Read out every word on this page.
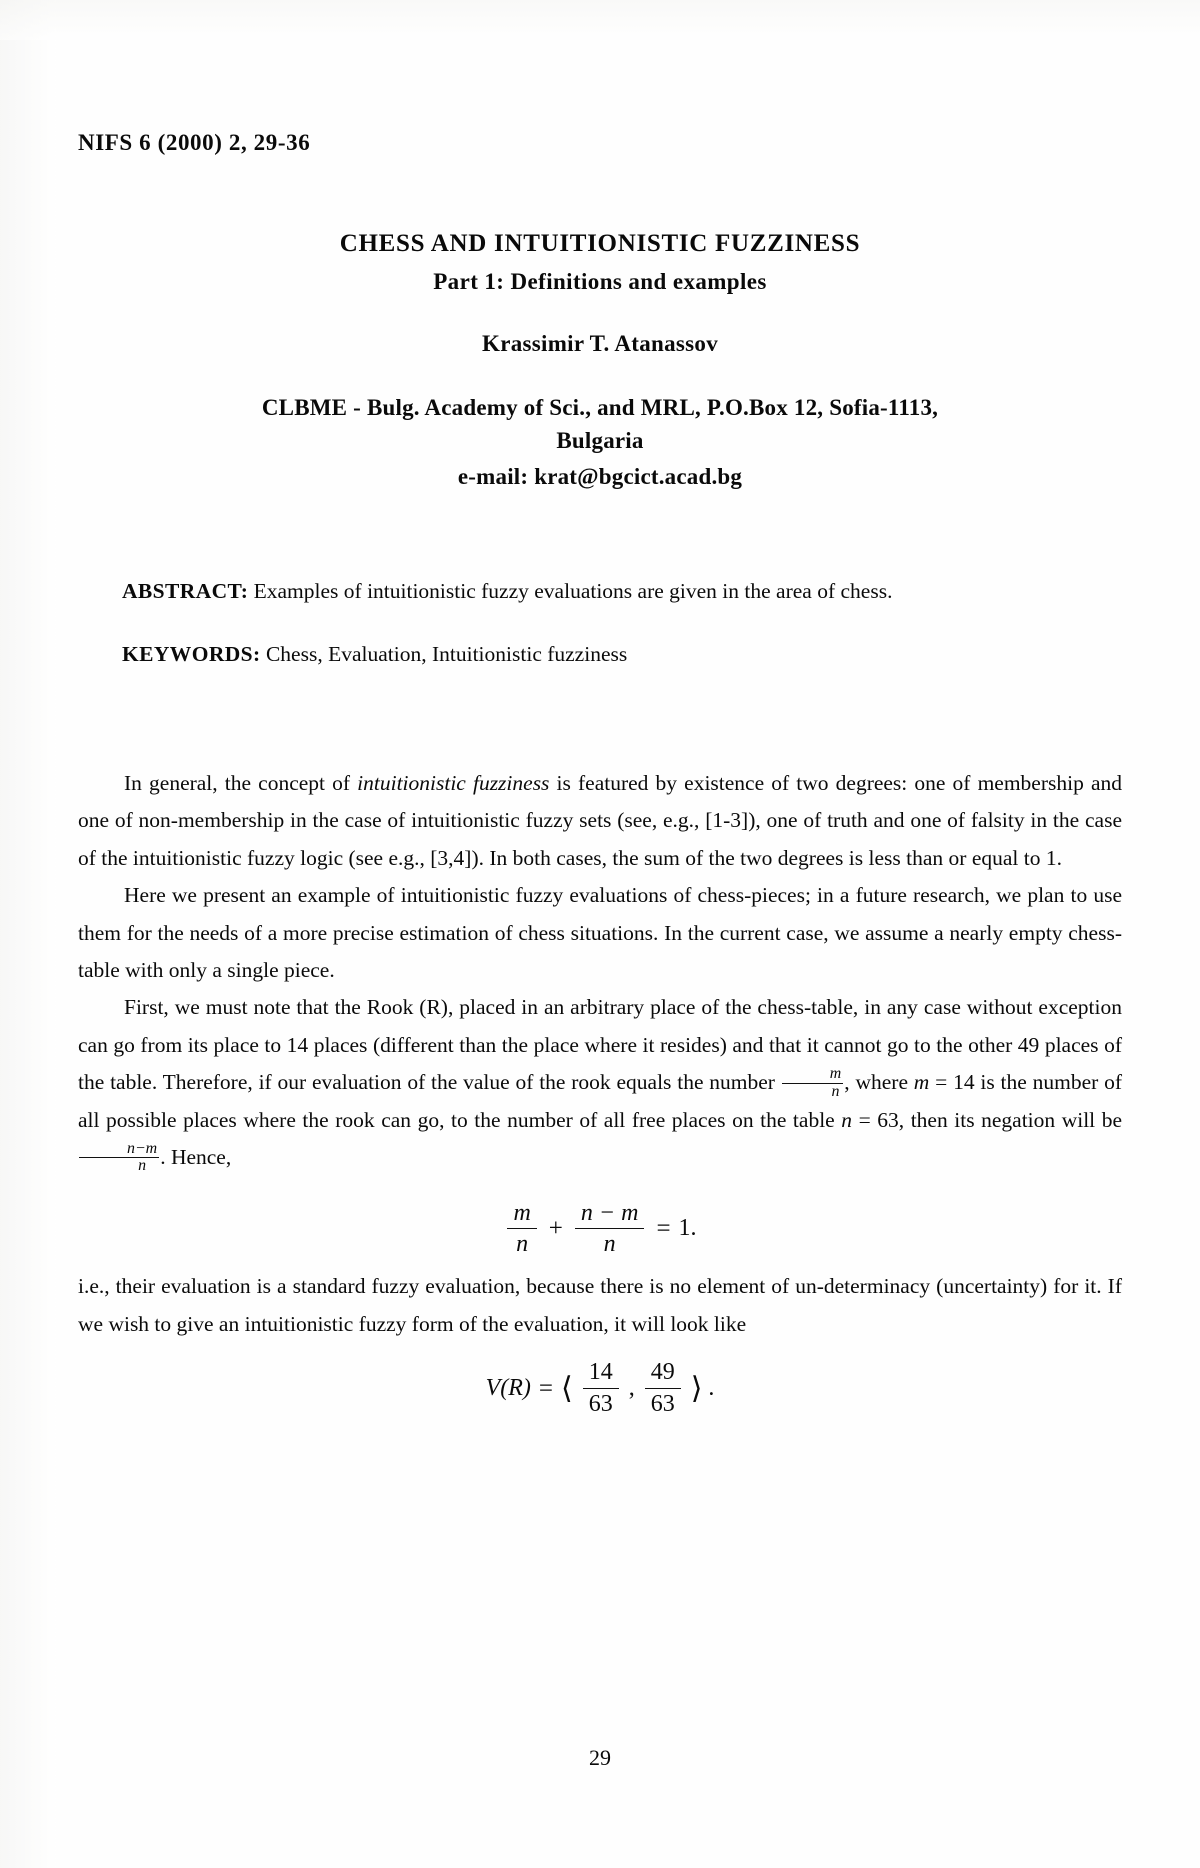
NIFS 6 (2000) 2, 29-36
CHESS AND INTUITIONISTIC FUZZINESS
Part 1: Definitions and examples
Krassimir T. Atanassov
CLBME - Bulg. Academy of Sci., and MRL, P.O.Box 12, Sofia-1113,
Bulgaria
e-mail: krat@bgcict.acad.bg
ABSTRACT: Examples of intuitionistic fuzzy evaluations are given in the area of chess.
KEYWORDS: Chess, Evaluation, Intuitionistic fuzziness

In general, the concept of intuitionistic fuzziness is featured by existence of two degrees: one of membership and one of non-membership in the case of intuitionistic fuzzy sets (see, e.g., [1-3]), one of truth and one of falsity in the case of the intuitionistic fuzzy logic (see e.g., [3,4]). In both cases, the sum of the two degrees is less than or equal to 1.

Here we present an example of intuitionistic fuzzy evaluations of chess-pieces; in a future research, we plan to use them for the needs of a more precise estimation of chess situations. In the current case, we assume a nearly empty chess-table with only a single piece.

First, we must note that the Rook (R), placed in an arbitrary place of the chess-table, in any case without exception can go from its place to 14 places (different than the place where it resides) and that it cannot go to the other 49 places of the table. Therefore, if our evaluation of the value of the rook equals the number $\frac{m}{n}$ , where m = 14 is the number of all possible places where the rook can go, to the number of all free places on the table n = 63, then its negation will be
$\frac{n-m}{n}$ . Hence,

$\frac{m}{n} + \frac{n - m}{n} = 1$.

i.e., their evaluation is a standard fuzzy evaluation, because there is no element of un-determinacy (uncertainty) for it. If we wish to give an intuitionistic fuzzy form of the evaluation, it will look like

V(R) = ⟨ $\frac{14}{63}$ , $\frac{49}{63}$ ⟩ .
29
